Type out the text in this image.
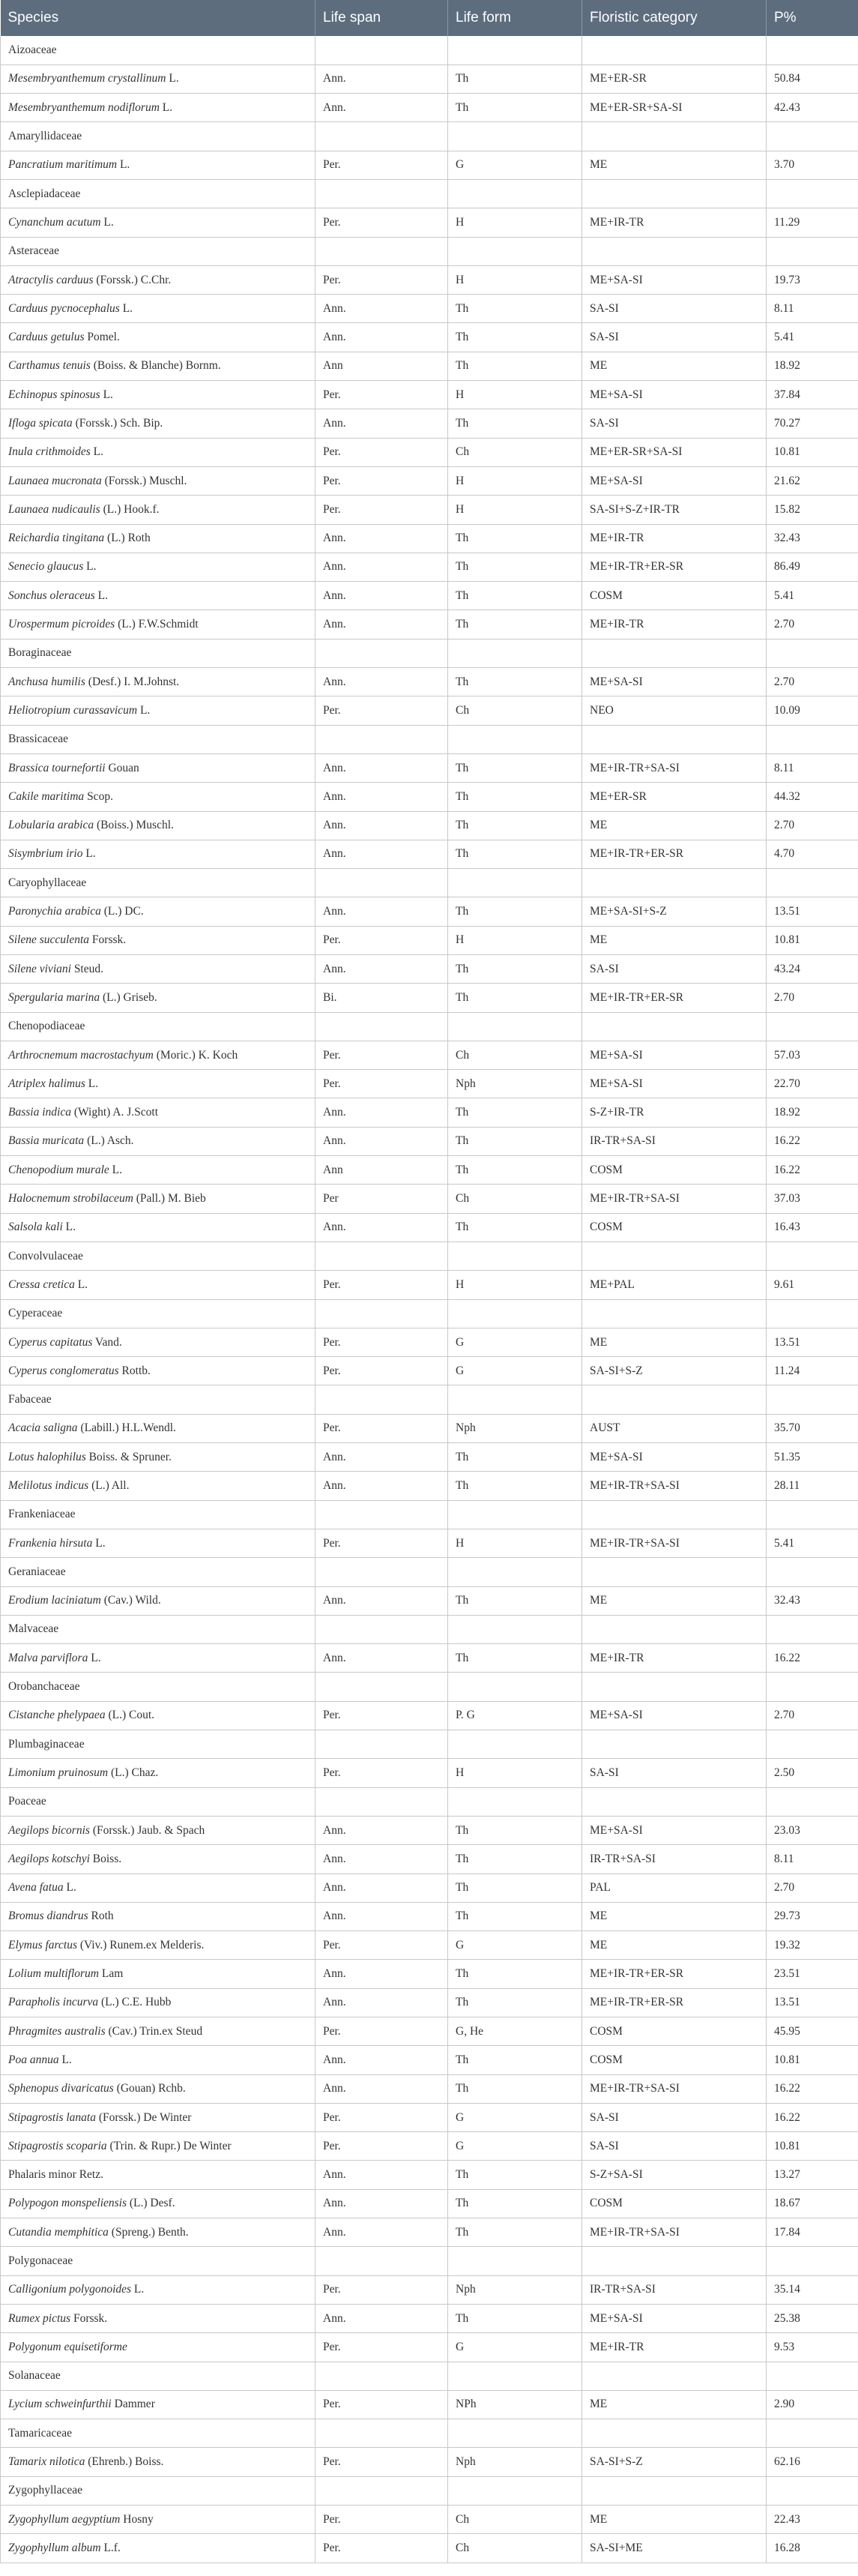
Species	Life span	Life form	Floristic category	P%
Aizoaceae				
Mesembryanthemum crystallinum L.	Ann.	Th	ME+ER-SR	50.84
Mesembryanthemum nodiflorum L.	Ann.	Th	ME+ER-SR+SA-SI	42.43
Amaryllidaceae				
Pancratium maritimum L.	Per.	G	ME	3.70
Asclepiadaceae				
Cynanchum acutum L.	Per.	H	ME+IR-TR	11.29
Asteraceae				
Atractylis carduus (Forssk.) C.Chr.	Per.	H	ME+SA-SI	19.73
Carduus pycnocephalus L.	Ann.	Th	SA-SI	8.11
Carduus getulus Pomel.	Ann.	Th	SA-SI	5.41
Carthamus tenuis (Boiss. & Blanche) Bornm.	Ann	Th	ME	18.92
Echinopus spinosus L.	Per.	H	ME+SA-SI	37.84
Ifloga spicata (Forssk.) Sch. Bip.	Ann.	Th	SA-SI	70.27
Inula crithmoides L.	Per.	Ch	ME+ER-SR+SA-SI	10.81
Launaea mucronata (Forssk.) Muschl.	Per.	H	ME+SA-SI	21.62
Launaea nudicaulis (L.) Hook.f.	Per.	H	SA-SI+S-Z+IR-TR	15.82
Reichardia tingitana (L.) Roth	Ann.	Th	ME+IR-TR	32.43
Senecio glaucus L.	Ann.	Th	ME+IR-TR+ER-SR	86.49
Sonchus oleraceus L.	Ann.	Th	COSM	5.41
Urospermum picroides (L.) F.W.Schmidt	Ann.	Th	ME+IR-TR	2.70
Boraginaceae				
Anchusa humilis (Desf.) I. M.Johnst.	Ann.	Th	ME+SA-SI	2.70
Heliotropium curassavicum L.	Per.	Ch	NEO	10.09
Brassicaceae				
Brassica tournefortii Gouan	Ann.	Th	ME+IR-TR+SA-SI	8.11
Cakile maritima Scop.	Ann.	Th	ME+ER-SR	44.32
Lobularia arabica (Boiss.) Muschl.	Ann.	Th	ME	2.70
Sisymbrium irio L.	Ann.	Th	ME+IR-TR+ER-SR	4.70
Caryophyllaceae				
Paronychia arabica (L.) DC.	Ann.	Th	ME+SA-SI+S-Z	13.51
Silene succulenta Forssk.	Per.	H	ME	10.81
Silene viviani Steud.	Ann.	Th	SA-SI	43.24
Spergularia marina (L.) Griseb.	Bi.	Th	ME+IR-TR+ER-SR	2.70
Chenopodiaceae				
Arthrocnemum macrostachyum (Moric.) K. Koch	Per.	Ch	ME+SA-SI	57.03
Atriplex halimus L.	Per.	Nph	ME+SA-SI	22.70
Bassia indica (Wight) A. J.Scott	Ann.	Th	S-Z+IR-TR	18.92
Bassia muricata (L.) Asch.	Ann.	Th	IR-TR+SA-SI	16.22
Chenopodium murale L.	Ann	Th	COSM	16.22
Halocnemum strobilaceum (Pall.) M. Bieb	Per	Ch	ME+IR-TR+SA-SI	37.03
Salsola kali L.	Ann.	Th	COSM	16.43
Convolvulaceae				
Cressa cretica L.	Per.	H	ME+PAL	9.61
Cyperaceae				
Cyperus capitatus Vand.	Per.	G	ME	13.51
Cyperus conglomeratus Rottb.	Per.	G	SA-SI+S-Z	11.24
Fabaceae				
Acacia saligna (Labill.) H.L.Wendl.	Per.	Nph	AUST	35.70
Lotus halophilus Boiss. & Spruner.	Ann.	Th	ME+SA-SI	51.35
Melilotus indicus (L.) All.	Ann.	Th	ME+IR-TR+SA-SI	28.11
Frankeniaceae				
Frankenia hirsuta L.	Per.	H	ME+IR-TR+SA-SI	5.41
Geraniaceae				
Erodium laciniatum (Cav.) Wild.	Ann.	Th	ME	32.43
Malvaceae				
Malva parviflora L.	Ann.	Th	ME+IR-TR	16.22
Orobanchaceae				
Cistanche phelypaea (L.) Cout.	Per.	P. G	ME+SA-SI	2.70
Plumbaginaceae				
Limonium pruinosum (L.) Chaz.	Per.	H	SA-SI	2.50
Poaceae				
Aegilops bicornis (Forssk.) Jaub. & Spach	Ann.	Th	ME+SA-SI	23.03
Aegilops kotschyi Boiss.	Ann.	Th	IR-TR+SA-SI	8.11
Avena fatua L.	Ann.	Th	PAL	2.70
Bromus diandrus Roth	Ann.	Th	ME	29.73
Elymus farctus (Viv.) Runem.ex Melderis.	Per.	G	ME	19.32
Lolium multiflorum Lam	Ann.	Th	ME+IR-TR+ER-SR	23.51
Parapholis incurva (L.) C.E. Hubb	Ann.	Th	ME+IR-TR+ER-SR	13.51
Phragmites australis (Cav.) Trin.ex Steud	Per.	G, He	COSM	45.95
Poa annua L.	Ann.	Th	COSM	10.81
Sphenopus divaricatus (Gouan) Rchb.	Ann.	Th	ME+IR-TR+SA-SI	16.22
Stipagrostis lanata (Forssk.) De Winter	Per.	G	SA-SI	16.22
Stipagrostis scoparia (Trin. & Rupr.) De Winter	Per.	G	SA-SI	10.81
Phalaris minor Retz.	Ann.	Th	S-Z+SA-SI	13.27
Polypogon monspeliensis (L.) Desf.	Ann.	Th	COSM	18.67
Cutandia memphitica (Spreng.) Benth.	Ann.	Th	ME+IR-TR+SA-SI	17.84
Polygonaceae				
Calligonium polygonoides L.	Per.	Nph	IR-TR+SA-SI	35.14
Rumex pictus Forssk.	Ann.	Th	ME+SA-SI	25.38
Polygonum equisetiforme	Per.	G	ME+IR-TR	9.53
Solanaceae				
Lycium schweinfurthii Dammer	Per.	NPh	ME	2.90
Tamaricaceae				
Tamarix nilotica (Ehrenb.) Boiss.	Per.	Nph	SA-SI+S-Z	62.16
Zygophyllaceae				
Zygophyllum aegyptium Hosny	Per.	Ch	ME	22.43
Zygophyllum album L.f.	Per.	Ch	SA-SI+ME	16.28
